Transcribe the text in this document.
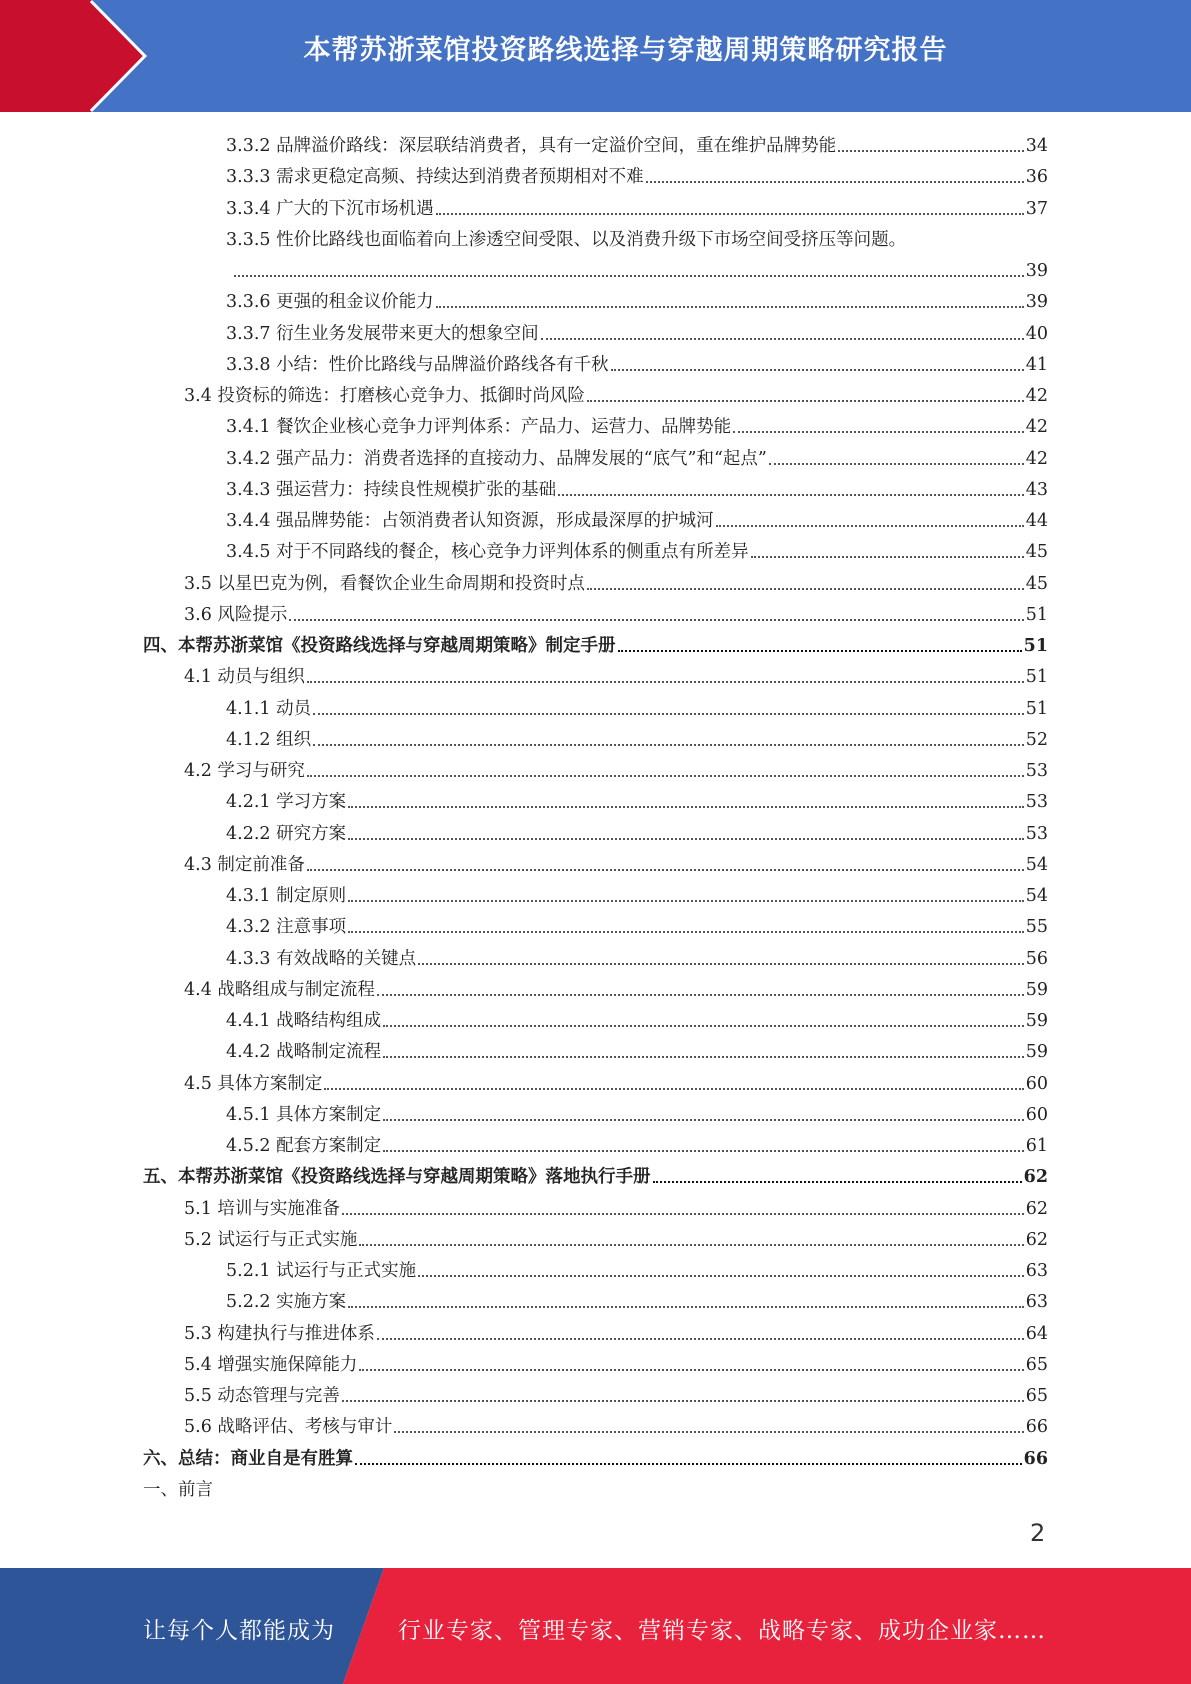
本帮苏浙菜馆投资路线选择与穿越周期策略研究报告
3.3.2 品牌溢价路线：深层联结消费者，具有一定溢价空间，重在维护品牌势能	34
3.3.3 需求更稳定高频、持续达到消费者预期相对不难	36
3.3.4 广大的下沉市场机遇	37
3.3.5 性价比路线也面临着向上渗透空间受限、以及消费升级下市场空间受挤压等问题。
39
3.3.6 更强的租金议价能力	39
3.3.7 衍生业务发展带来更大的想象空间	40
3.3.8 小结：性价比路线与品牌溢价路线各有千秋	41
3.4 投资标的筛选：打磨核心竞争力、抵御时尚风险	42
3.4.1 餐饮企业核心竞争力评判体系：产品力、运营力、品牌势能	42
3.4.2 强产品力：消费者选择的直接动力、品牌发展的“底气”和“起点”	42
3.4.3 强运营力：持续良性规模扩张的基础	43
3.4.4 强品牌势能：占领消费者认知资源，形成最深厚的护城河	44
3.4.5 对于不同路线的餐企，核心竞争力评判体系的侧重点有所差异	45
3.5 以星巴克为例，看餐饮企业生命周期和投资时点	45
3.6 风险提示	51
四、本帮苏浙菜馆《投资路线选择与穿越周期策略》制定手册	51
4.1 动员与组织	51
4.1.1 动员	51
4.1.2 组织	52
4.2 学习与研究	53
4.2.1 学习方案	53
4.2.2 研究方案	53
4.3 制定前准备	54
4.3.1 制定原则	54
4.3.2 注意事项	55
4.3.3 有效战略的关键点	56
4.4 战略组成与制定流程	59
4.4.1 战略结构组成	59
4.4.2 战略制定流程	59
4.5 具体方案制定	60
4.5.1 具体方案制定	60
4.5.2 配套方案制定	61
五、本帮苏浙菜馆《投资路线选择与穿越周期策略》落地执行手册	62
5.1 培训与实施准备	62
5.2 试运行与正式实施	62
5.2.1 试运行与正式实施	63
5.2.2 实施方案	63
5.3 构建执行与推进体系	64
5.4 增强实施保障能力	65
5.5 动态管理与完善	65
5.6 战略评估、考核与审计	66
六、总结：商业自是有胜算	66
一、前言
2
让每个人都能成为	行业专家、管理专家、营销专家、战略专家、成功企业家……
